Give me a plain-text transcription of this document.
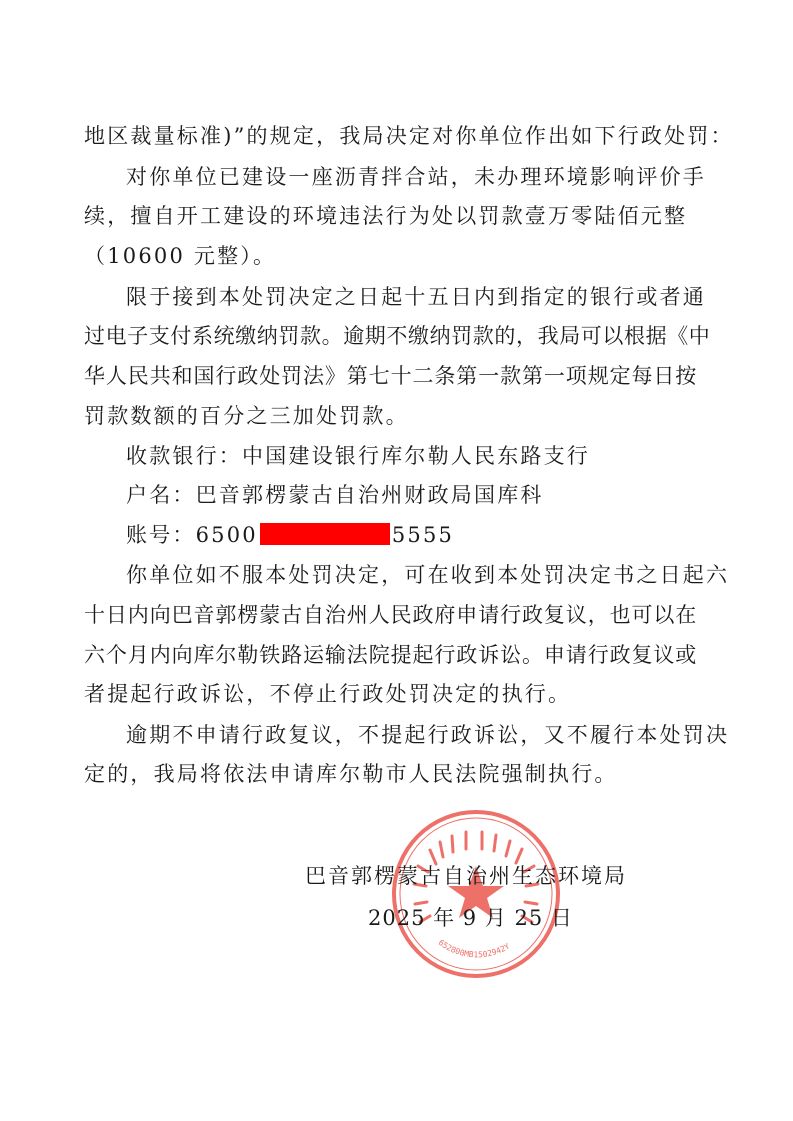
地区裁量标准)”的规定，我局决定对你单位作出如下行政处罚：
对你单位已建设一座沥青拌合站，未办理环境影响评价手
续，擅自开工建设的环境违法行为处以罚款壹万零陆佰元整
（10600 元整）。
限于接到本处罚决定之日起十五日内到指定的银行或者通
过电子支付系统缴纳罚款。逾期不缴纳罚款的，我局可以根据《中
华人民共和国行政处罚法》第七十二条第一款第一项规定每日按
罚款数额的百分之三加处罚款。
收款银行：中国建设银行库尔勒人民东路支行
户名：巴音郭楞蒙古自治州财政局国库科
账号：6500	5555
你单位如不服本处罚决定，可在收到本处罚决定书之日起六
十日内向巴音郭楞蒙古自治州人民政府申请行政复议，也可以在
六个月内向库尔勒铁路运输法院提起行政诉讼。申请行政复议或
者提起行政诉讼，不停止行政处罚决定的执行。
逾期不申请行政复议，不提起行政诉讼，又不履行本处罚决
定的，我局将依法申请库尔勒市人民法院强制执行。
652800MB1502942Y
巴音郭楞蒙古自治州生态环境局
2025 年 9 月 25 日
